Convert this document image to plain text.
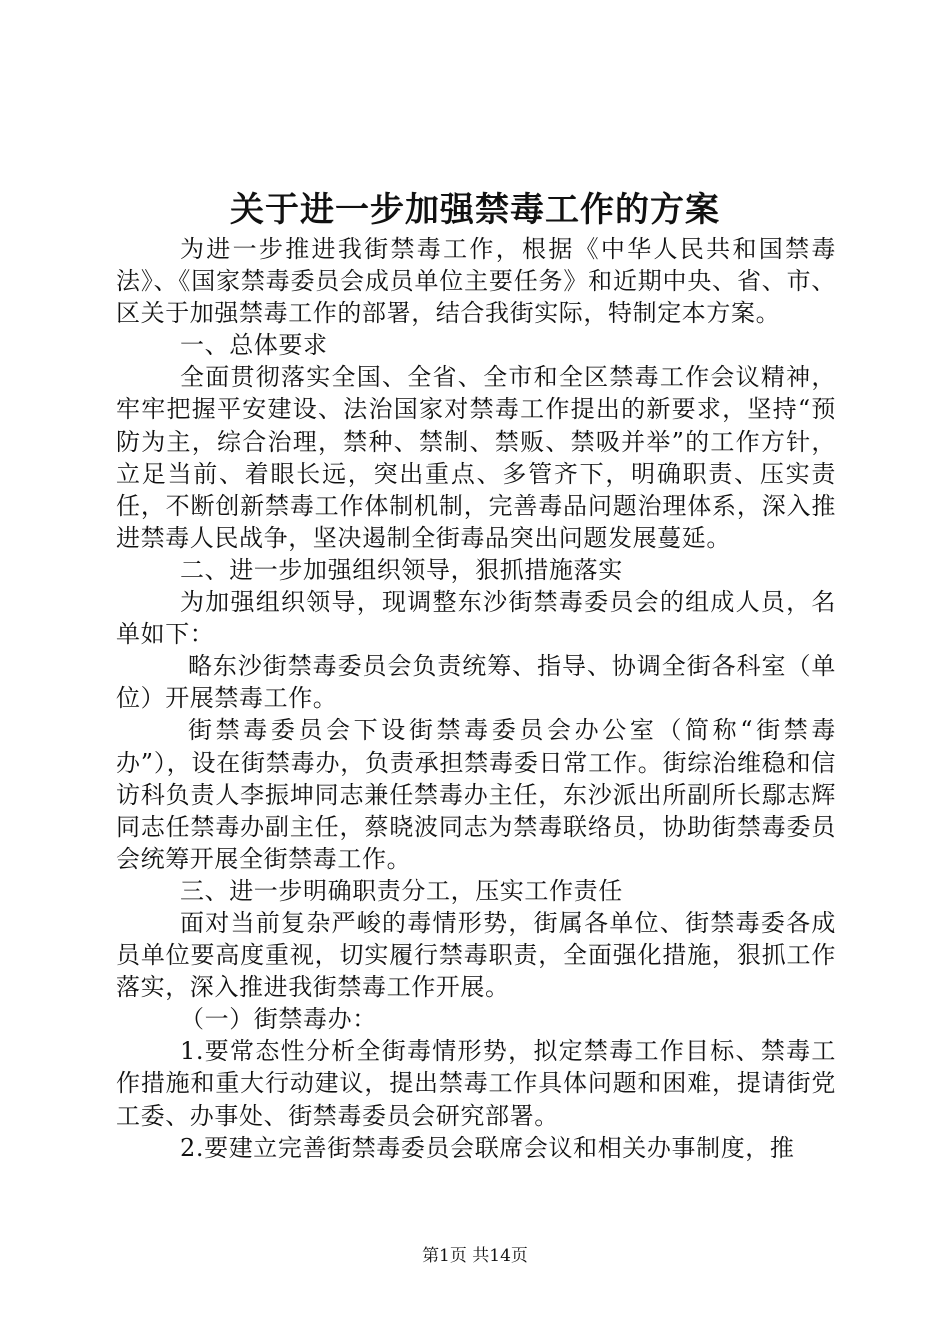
关于进一步加强禁毒工作的方案

为进一步推进我街禁毒工作，根据《中华人民共和国禁毒法》、《国家禁毒委员会成员单位主要任务》和近期中央、省、市、区关于加强禁毒工作的部署，结合我街实际，特制定本方案。

一、总体要求

全面贯彻落实全国、全省、全市和全区禁毒工作会议精神，牢牢把握平安建设、法治国家对禁毒工作提出的新要求，坚持“预防为主，综合治理，禁种、禁制、禁贩、禁吸并举”的工作方针，立足当前、着眼长远，突出重点、多管齐下，明确职责、压实责任，不断创新禁毒工作体制机制，完善毒品问题治理体系，深入推进禁毒人民战争，坚决遏制全街毒品突出问题发展蔓延。

二、进一步加强组织领导，狠抓措施落实

为加强组织领导，现调整东沙街禁毒委员会的组成人员，名单如下：

略东沙街禁毒委员会负责统筹、指导、协调全街各科室（单位）开展禁毒工作。

街禁毒委员会下设街禁毒委员会办公室（简称“街禁毒办”），设在街禁毒办，负责承担禁毒委日常工作。街综治维稳和信访科负责人李振坤同志兼任禁毒办主任，东沙派出所副所长鄢志辉同志任禁毒办副主任，蔡晓波同志为禁毒联络员，协助街禁毒委员会统筹开展全街禁毒工作。

三、进一步明确职责分工，压实工作责任

面对当前复杂严峻的毒情形势，街属各单位、街禁毒委各成员单位要高度重视，切实履行禁毒职责，全面强化措施，狠抓工作落实，深入推进我街禁毒工作开展。

（一）街禁毒办：

1.要常态性分析全街毒情形势，拟定禁毒工作目标、禁毒工作措施和重大行动建议，提出禁毒工作具体问题和困难，提请街党工委、办事处、街禁毒委员会研究部署。

2.要建立完善街禁毒委员会联席会议和相关办事制度，推

第1页 共14页
